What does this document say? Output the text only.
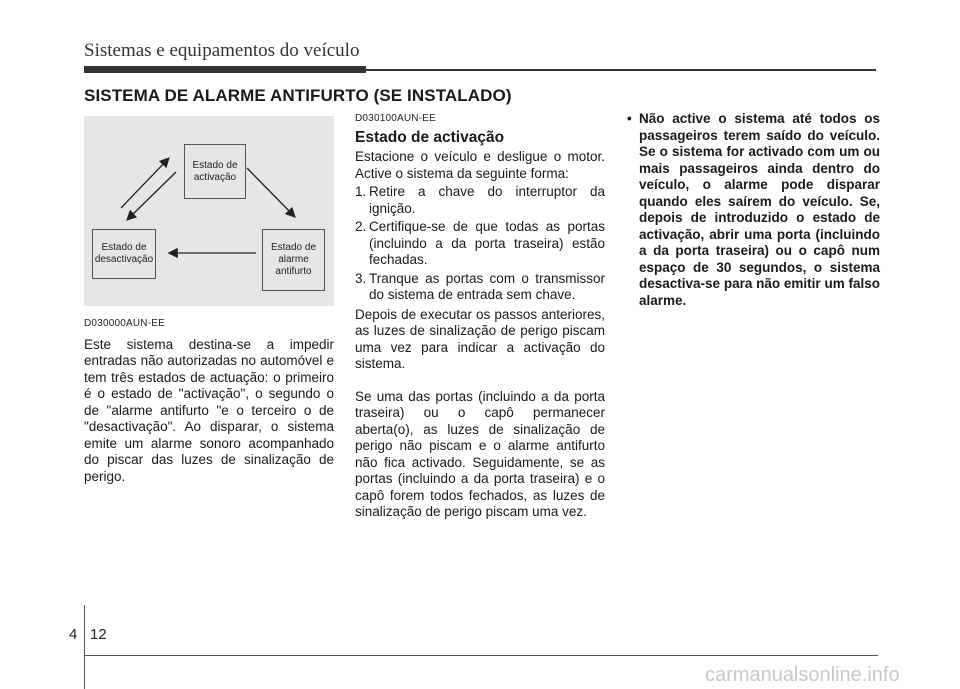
Sistemas e equipamentos do veículo
SISTEMA DE ALARME ANTIFURTO (SE INSTALADO)
Estado de activação
Estado de alarme antifurto
Estado de desactivação
D030000AUN-EE

Este sistema destina-se a impedir entradas não autorizadas no automóvel e tem três estados de actuação: o primeiro é o estado de "activação", o segundo o de "alarme antifurto "e o terceiro o de "desactivação". Ao disparar, o sistema emite um alarme sonoro acompanhado do piscar das luzes de sinalização de perigo.

D030100AUN-EE
Estado de activação

Estacione o veículo e desligue o motor. Active o sistema da seguinte forma:

1. Retire a chave do interruptor da ignição.
2. Certifique-se de que todas as portas (incluindo a da porta traseira) estão fechadas.
3. Tranque as portas com o transmissor do sistema de entrada sem chave.

Depois de executar os passos anteriores, as luzes de sinalização de perigo piscam uma vez para indicar a activação do sistema.

Se uma das portas (incluindo a da porta traseira) ou o capô permanecer aberta(o), as luzes de sinalização de perigo não piscam e o alarme antifurto não fica activado. Seguidamente, se as portas (incluindo a da porta traseira) e o capô forem todos fechados, as luzes de sinalização de perigo piscam uma vez.

• Não active o sistema até todos os passageiros terem saído do veículo. Se o sistema for activado com um ou mais passageiros ainda dentro do veículo, o alarme pode disparar quando eles saírem do veículo. Se, depois de introduzido o estado de activação, abrir uma porta (incluindo a da porta traseira) ou o capô num espaço de 30 segundos, o sistema desactiva-se para não emitir um falso alarme.
4 12
carmanualsonline.info
